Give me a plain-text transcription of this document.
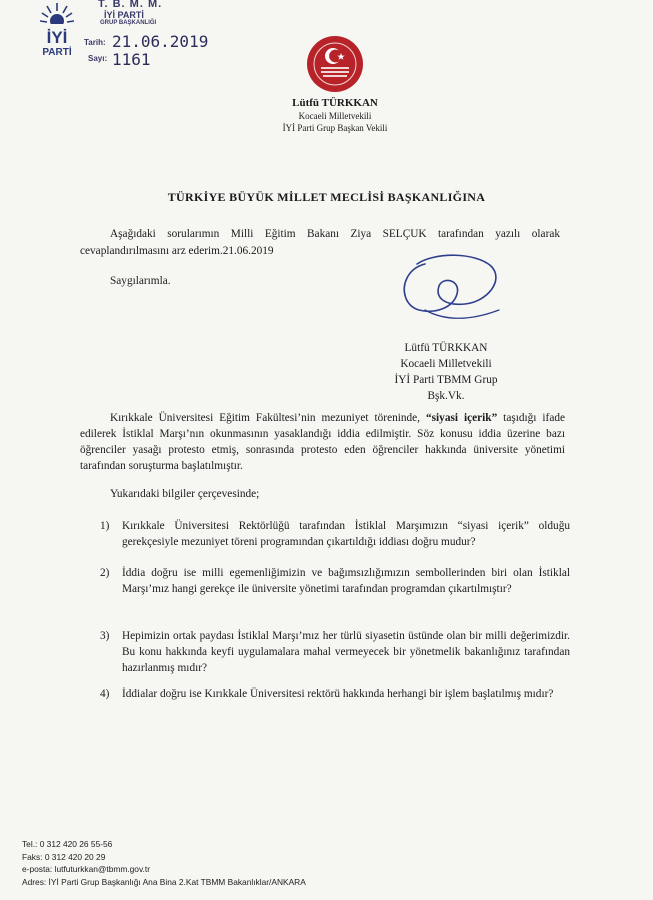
İYİ
PARTİ
T. B. M. M.
İYİ PARTİ
GRUP BAŞKANLIĞI
Tarih: 21.06.2019
Sayı: 1161
Lütfü TÜRKKAN
Kocaeli Milletvekili
İYİ Parti Grup Başkan Vekili
TÜRKİYE BÜYÜK MİLLET MECLİSİ BAŞKANLIĞINA

Aşağıdaki sorularımın Milli Eğitim Bakanı Ziya SELÇUK tarafından yazılı olarak cevaplandırılmasını arz ederim.21.06.2019

Saygılarımla.
Lütfü TÜRKKAN
Kocaeli Milletvekili
İYİ Parti TBMM Grup Bşk.Vk.

Kırıkkale Üniversitesi Eğitim Fakültesi’nin mezuniyet töreninde, “siyasi içerik” taşıdığı ifade edilerek İstiklal Marşı’nın okunmasının yasaklandığı iddia edilmiştir. Söz konusu iddia üzerine bazı öğrenciler yasağı protesto etmiş, sonrasında protesto eden öğrenciler hakkında üniversite yönetimi tarafından soruşturma başlatılmıştır.

Yukarıdaki bilgiler çerçevesinde;
1)	Kırıkkale Üniversitesi Rektörlüğü tarafından İstiklal Marşımızın “siyasi içerik” olduğu gerekçesiyle mezuniyet töreni programından çıkartıldığı iddiası doğru mudur?
2)	İddia doğru ise milli egemenliğimizin ve bağımsızlığımızın sembollerinden biri olan İstiklal Marşı’mız hangi gerekçe ile üniversite yönetimi tarafından programdan çıkartılmıştır?
3)	Hepimizin ortak paydası İstiklal Marşı’mız her türlü siyasetin üstünde olan bir milli değerimizdir. Bu konu hakkında keyfi uygulamalara mahal vermeyecek bir yönetmelik bakanlığınız tarafından hazırlanmış mıdır?
4)	İddialar doğru ise Kırıkkale Üniversitesi rektörü hakkında herhangi bir işlem başlatılmış mıdır?
Tel.: 0 312 420 26 55-56
Faks: 0 312 420 20 29
e-posta: lutfuturkkan@tbmm.gov.tr
Adres: İYİ Parti Grup Başkanlığı Ana Bina 2.Kat TBMM Bakanlıklar/ANKARA
